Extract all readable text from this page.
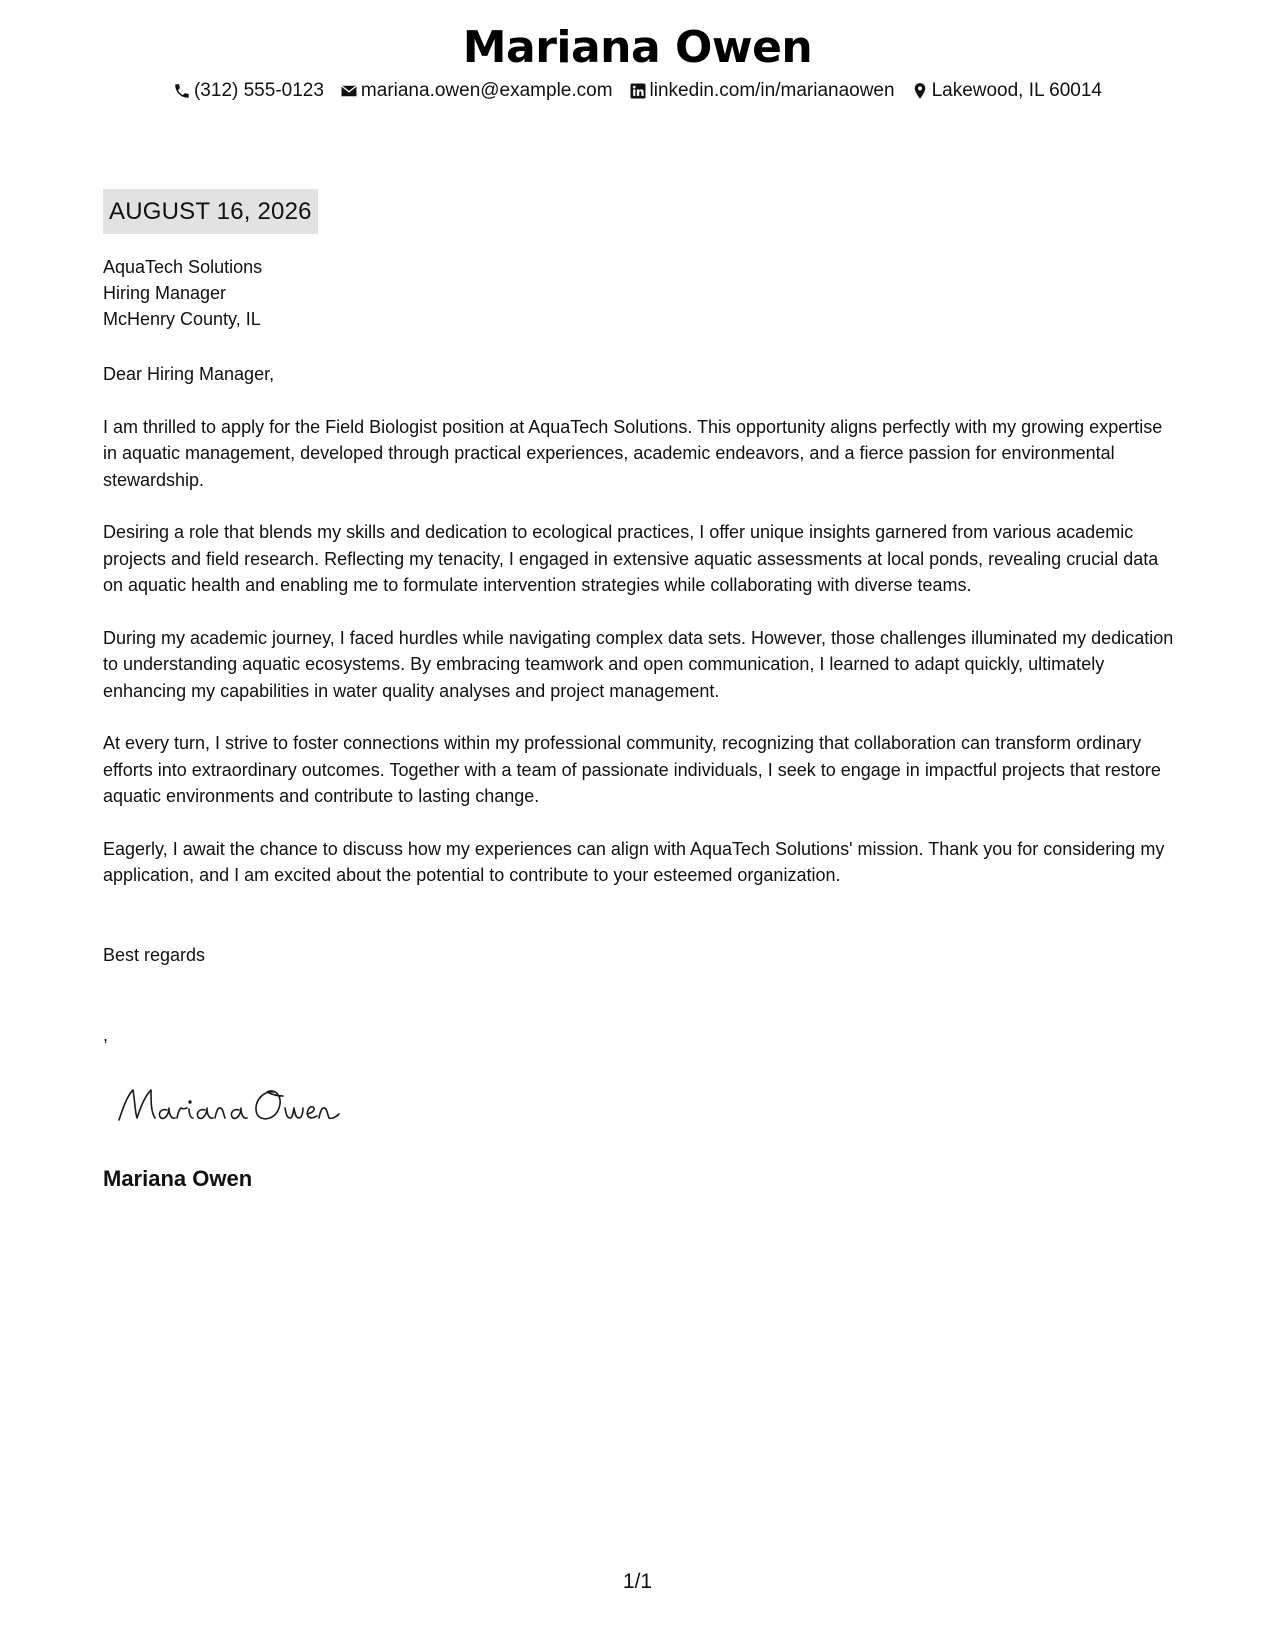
Mariana Owen
(312) 555-0123 mariana.owen@example.com linkedin.com/in/marianaowen Lakewood, IL 60014
AUGUST 16, 2026
AquaTech Solutions
Hiring Manager
McHenry County, IL

Dear Hiring Manager,

I am thrilled to apply for the Field Biologist position at AquaTech Solutions. This opportunity aligns perfectly with my growing expertise in aquatic management, developed through practical experiences, academic endeavors, and a fierce passion for environmental stewardship.

Desiring a role that blends my skills and dedication to ecological practices, I offer unique insights garnered from various academic projects and field research. Reflecting my tenacity, I engaged in extensive aquatic assessments at local ponds, revealing crucial data on aquatic health and enabling me to formulate intervention strategies while collaborating with diverse teams.

During my academic journey, I faced hurdles while navigating complex data sets. However, those challenges illuminated my dedication to understanding aquatic ecosystems. By embracing teamwork and open communication, I learned to adapt quickly, ultimately enhancing my capabilities in water quality analyses and project management.

At every turn, I strive to foster connections within my professional community, recognizing that collaboration can transform ordinary efforts into extraordinary outcomes. Together with a team of passionate individuals, I seek to engage in impactful projects that restore aquatic environments and contribute to lasting change.

Eagerly, I await the chance to discuss how my experiences can align with AquaTech Solutions' mission. Thank you for considering my application, and I am excited about the potential to contribute to your esteemed organization.

Best regards
,
Mariana Owen
1/1
